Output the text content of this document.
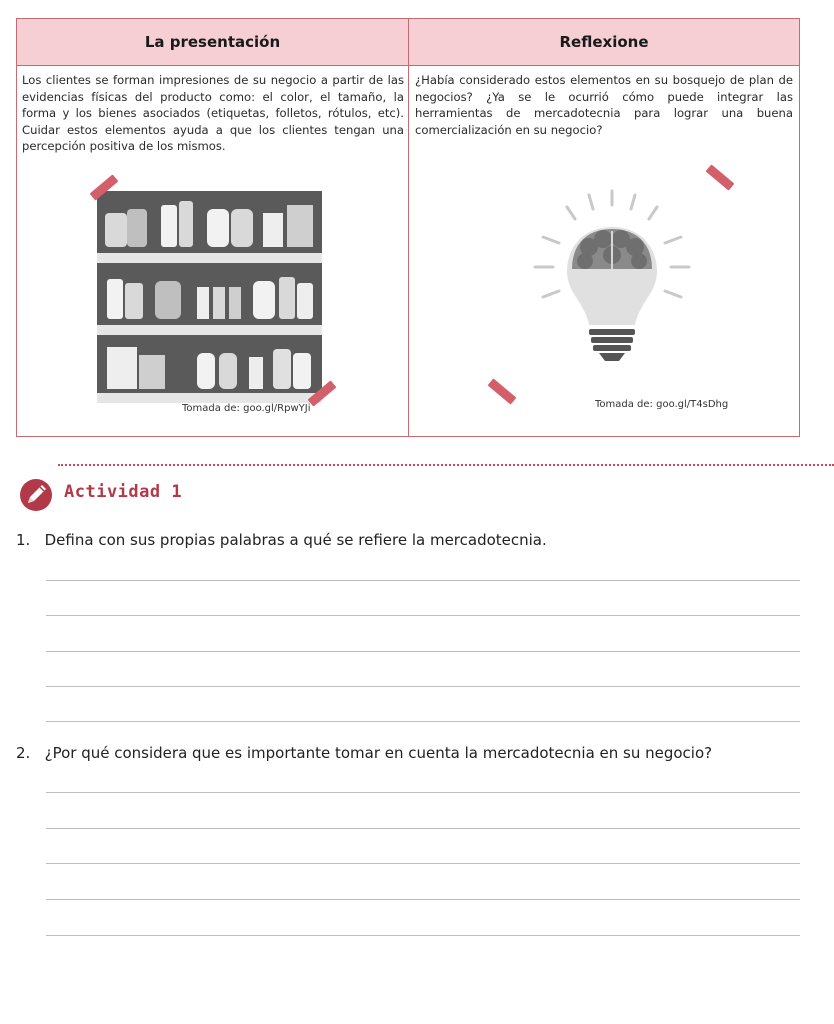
La presentación	Reflexione
Los clientes se forman impresiones de su negocio a partir de las evidencias físicas del producto como: el color, el tamaño, la forma y los bienes asociados (etiquetas, folletos, rótulos, etc). Cuidar estos elementos ayuda a que los clientes tengan una percepción positiva de los mismos.
¿Había considerado estos elementos en su bosquejo de plan de negocios? ¿Ya se le ocurrió cómo puede integrar las herramientas de mercadotecnia para lograr una buena comercialización en su negocio?
Tomada de: goo.gl/RpwYJi	Tomada de: goo.gl/T4sDhg
Actividad 1
1. Defina con sus propias palabras a qué se refiere la mercadotecnia.
2. ¿Por qué considera que es importante tomar en cuenta la mercadotecnia en su negocio?
